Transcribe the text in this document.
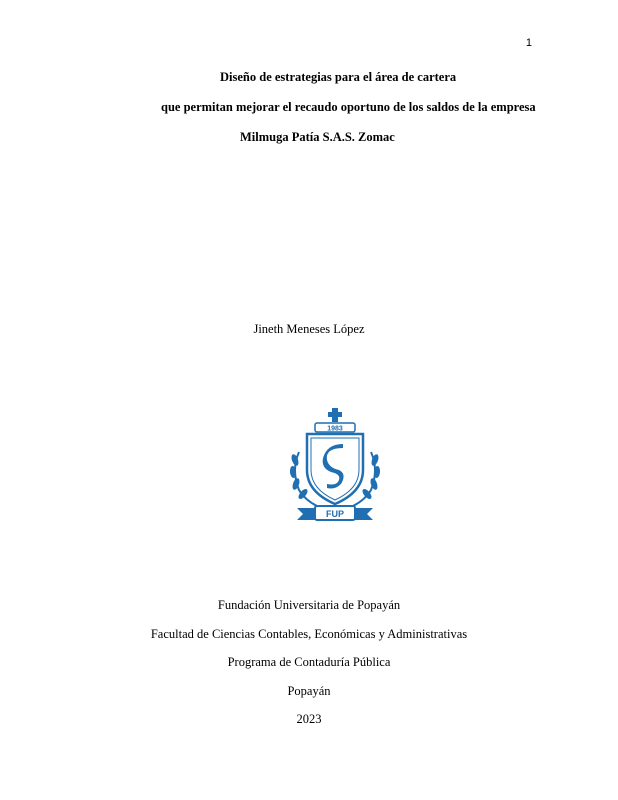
1
Diseño de estrategias para el área de cartera
que permitan mejorar el recaudo oportuno de los saldos de la empresa
Milmuga Patía S.A.S. Zomac
Jineth Meneses López
1983
FUP
Fundación Universitaria de Popayán
Facultad de Ciencias Contables, Económicas y Administrativas
Programa de Contaduría Pública
Popayán
2023
